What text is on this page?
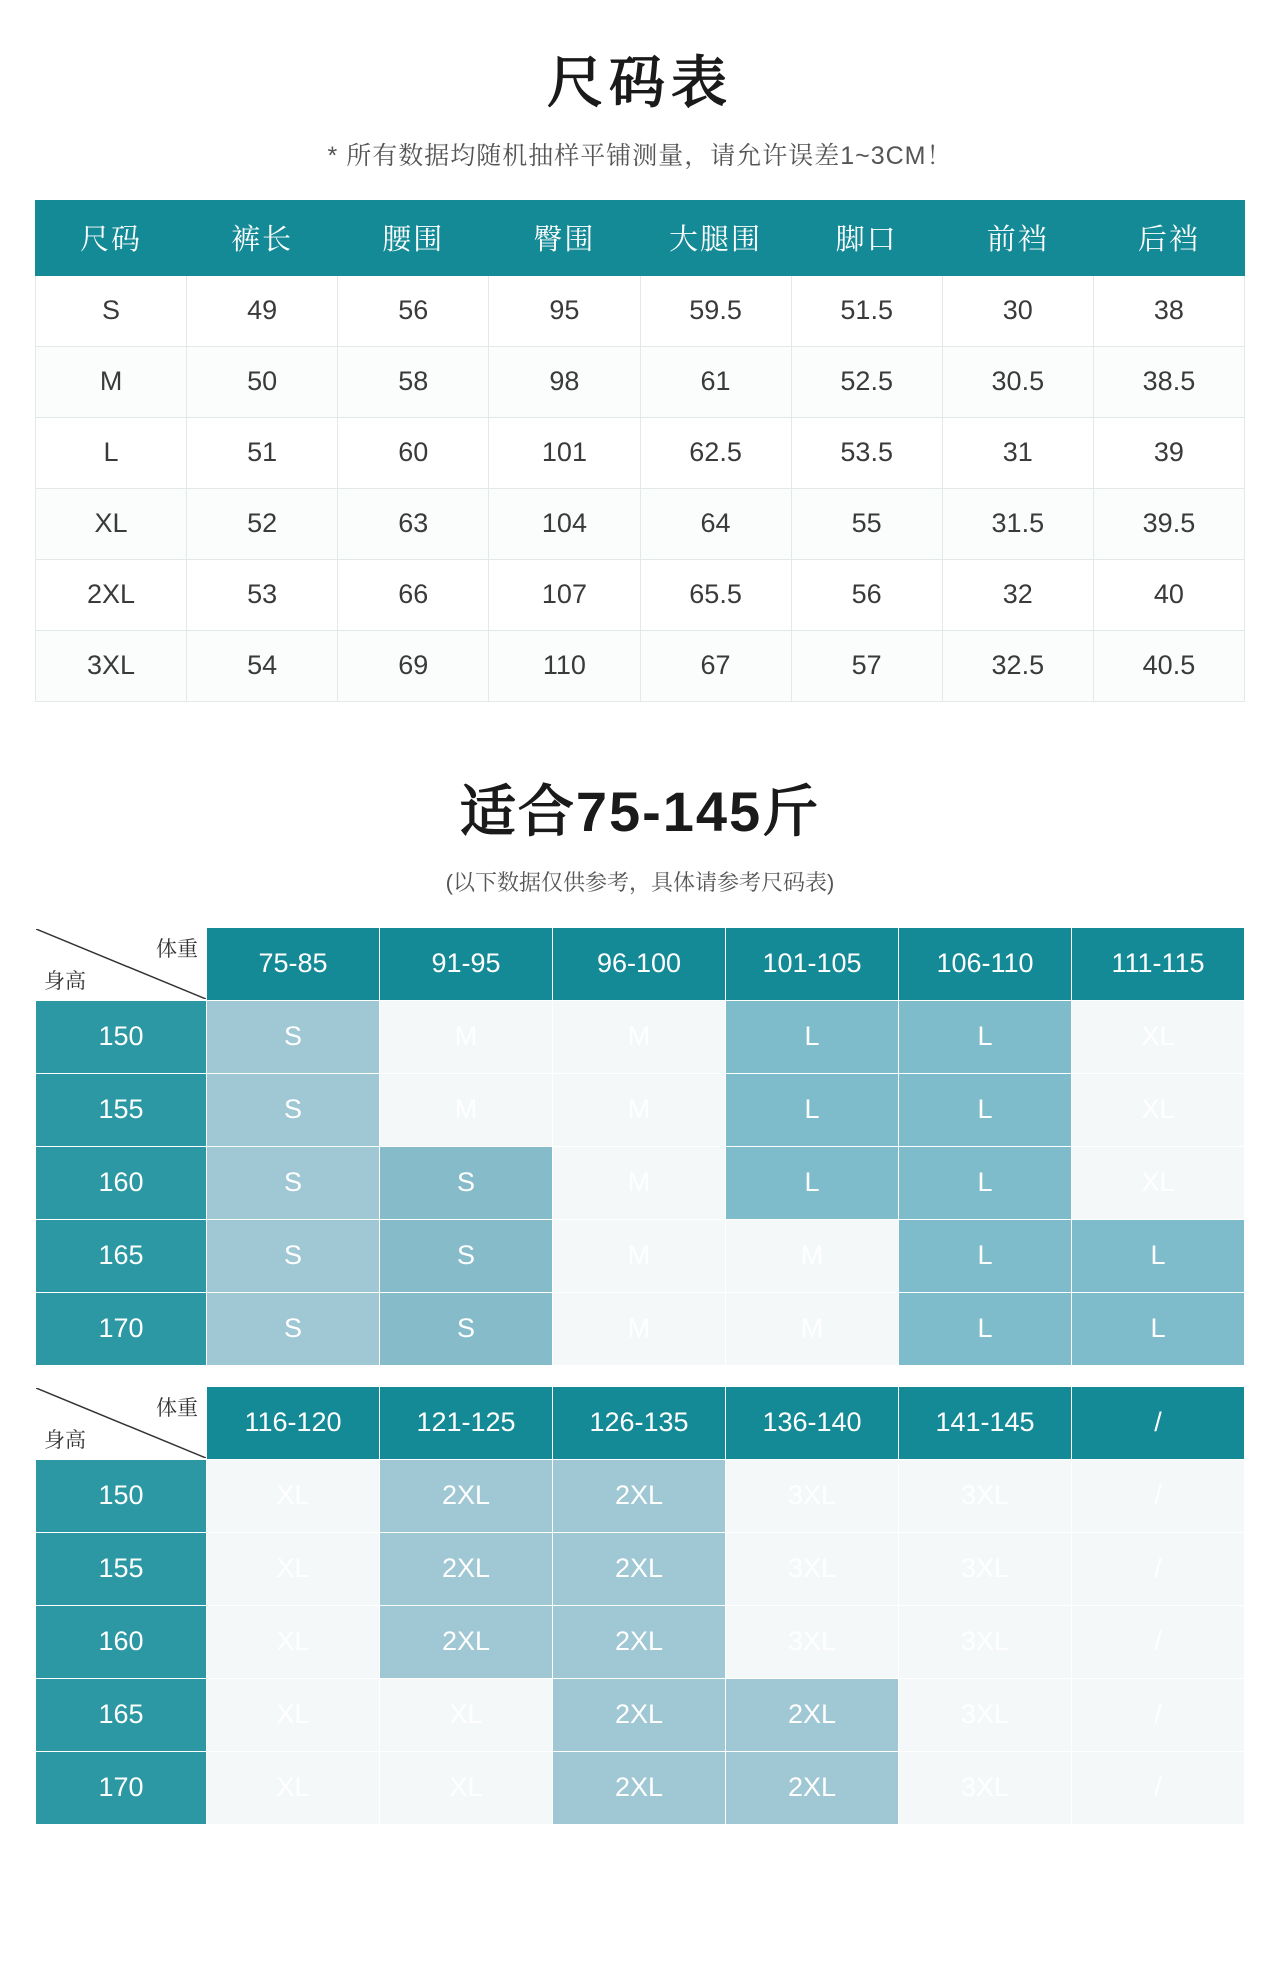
尺码表
* 所有数据均随机抽样平铺测量，请允许误差1~3CM！
尺码	裤长	腰围	臀围	大腿围	脚口	前裆	后裆
S	49	56	95	59.5	51.5	30	38
M	50	58	98	61	52.5	30.5	38.5
L	51	60	101	62.5	53.5	31	39
XL	52	63	104	64	55	31.5	39.5
2XL	53	66	107	65.5	56	32	40
3XL	54	69	110	67	57	32.5	40.5
适合75-145斤
(以下数据仅供参考，具体请参考尺码表)
体重
身高	75-85	91-95	96-100	101-105	106-110	111-115
150	S	M	M	L	L	XL
155	S	M	M	L	L	XL
160	S	S	M	L	L	XL
165	S	S	M	M	L	L
170	S	S	M	M	L	L
体重
身高	116-120	121-125	126-135	136-140	141-145	/
150	XL	2XL	2XL	3XL	3XL	/
155	XL	2XL	2XL	3XL	3XL	/
160	XL	2XL	2XL	3XL	3XL	/
165	XL	XL	2XL	2XL	3XL	/
170	XL	XL	2XL	2XL	3XL	/
